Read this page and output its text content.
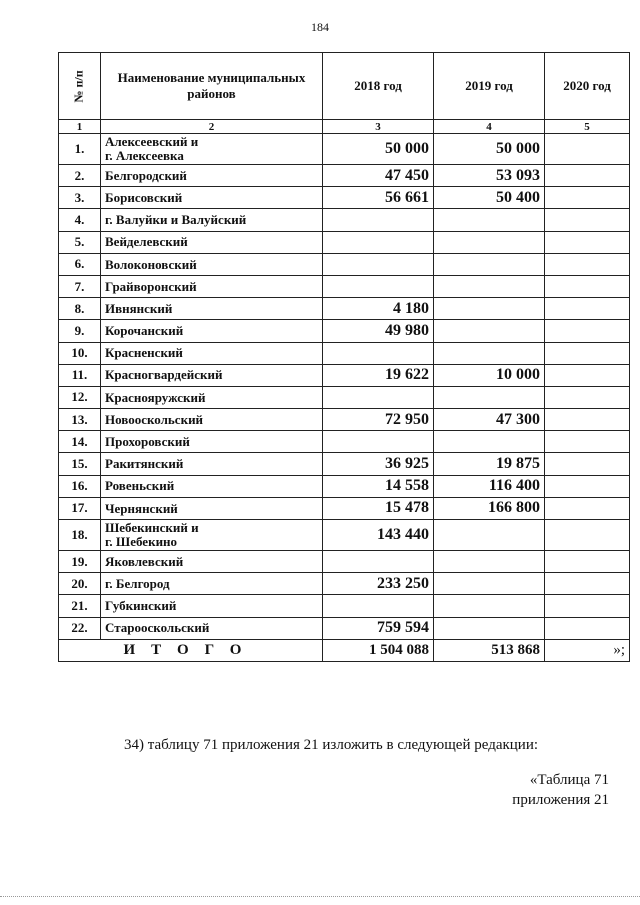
184
№ п/п	Наименование муниципальных районов	2018 год	2019 год	2020 год
1	2	3	4	5
1.	Алексеевский и
г. Алексеевка	50 000	50 000	
2.	Белгородский	47 450	53 093	
3.	Борисовский	56 661	50 400	
4.	г. Валуйки и Валуйский			
5.	Вейделевский			
6.	Волоконовский			
7.	Грайворонский			
8.	Ивнянский	4 180		
9.	Корочанский	49 980		
10.	Красненский			
11.	Красногвардейский	19 622	10 000	
12.	Краснояружский			
13.	Новооскольский	72 950	47 300	
14.	Прохоровский			
15.	Ракитянский	36 925	19 875	
16.	Ровеньский	14 558	116 400	
17.	Чернянский	15 478	166 800	
18.	Шебекинский и
г. Шебекино	143 440		
19.	Яковлевский			
20.	г. Белгород	233 250		
21.	Губкинский			
22.	Старооскольский	759 594		
ИТОГО		1 504 088	513 868	»;
34) таблицу 71 приложения 21 изложить в следующей редакции:
«Таблица 71
приложения 21
